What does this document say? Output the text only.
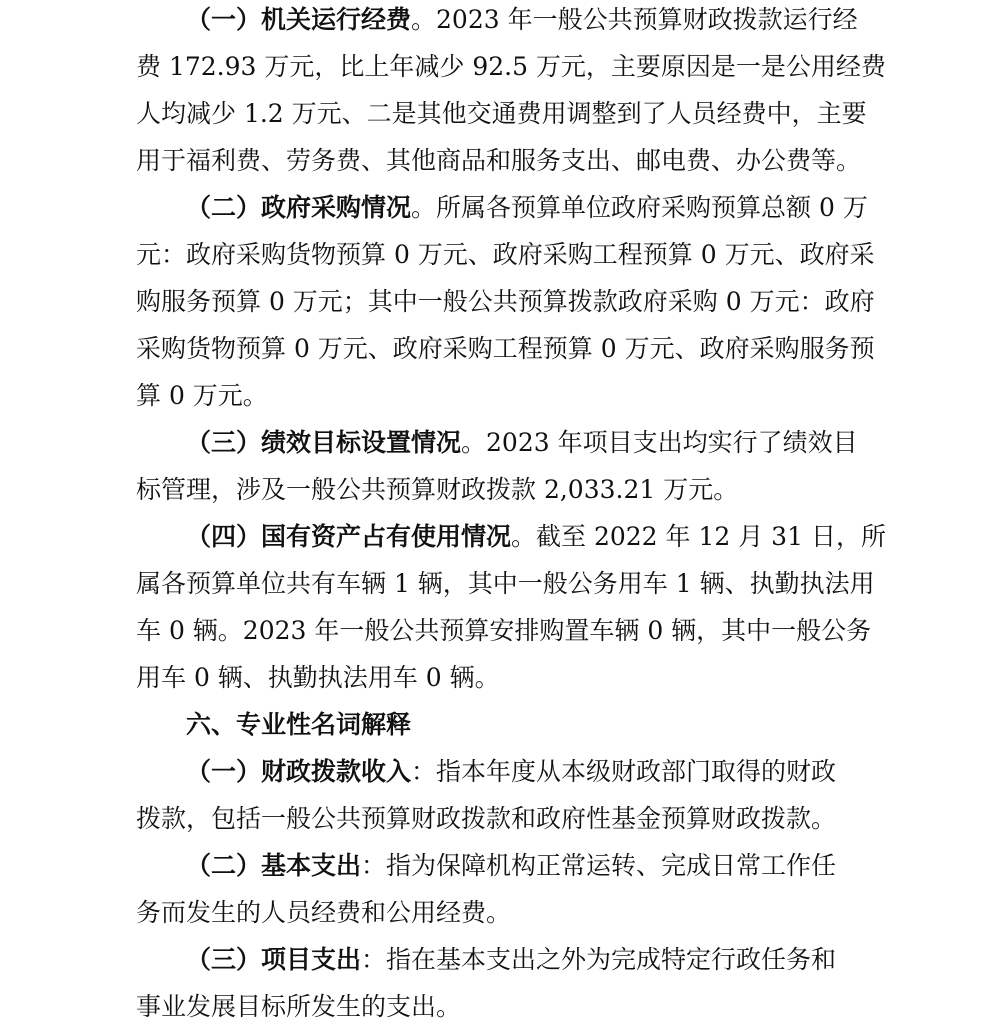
（一）机关运行经费。2023 年一般公共预算财政拨款运行经
费 172.93 万元，比上年减少 92.5 万元，主要原因是一是公用经费
人均减少 1.2 万元、二是其他交通费用调整到了人员经费中，主要
用于福利费、劳务费、其他商品和服务支出、邮电费、办公费等。
（二）政府采购情况。所属各预算单位政府采购预算总额 0 万
元：政府采购货物预算 0 万元、政府采购工程预算 0 万元、政府采
购服务预算 0 万元；其中一般公共预算拨款政府采购 0 万元：政府
采购货物预算 0 万元、政府采购工程预算 0 万元、政府采购服务预
算 0 万元。
（三）绩效目标设置情况。2023 年项目支出均实行了绩效目
标管理，涉及一般公共预算财政拨款 2,033.21 万元。
（四）国有资产占有使用情况。截至 2022 年 12 月 31 日，所
属各预算单位共有车辆 1 辆，其中一般公务用车 1 辆、执勤执法用
车 0 辆。2023 年一般公共预算安排购置车辆 0 辆，其中一般公务
用车 0 辆、执勤执法用车 0 辆。
六、专业性名词解释
（一）财政拨款收入：指本年度从本级财政部门取得的财政
拨款，包括一般公共预算财政拨款和政府性基金预算财政拨款。
（二）基本支出：指为保障机构正常运转、完成日常工作任
务而发生的人员经费和公用经费。
（三）项目支出：指在基本支出之外为完成特定行政任务和
事业发展目标所发生的支出。
